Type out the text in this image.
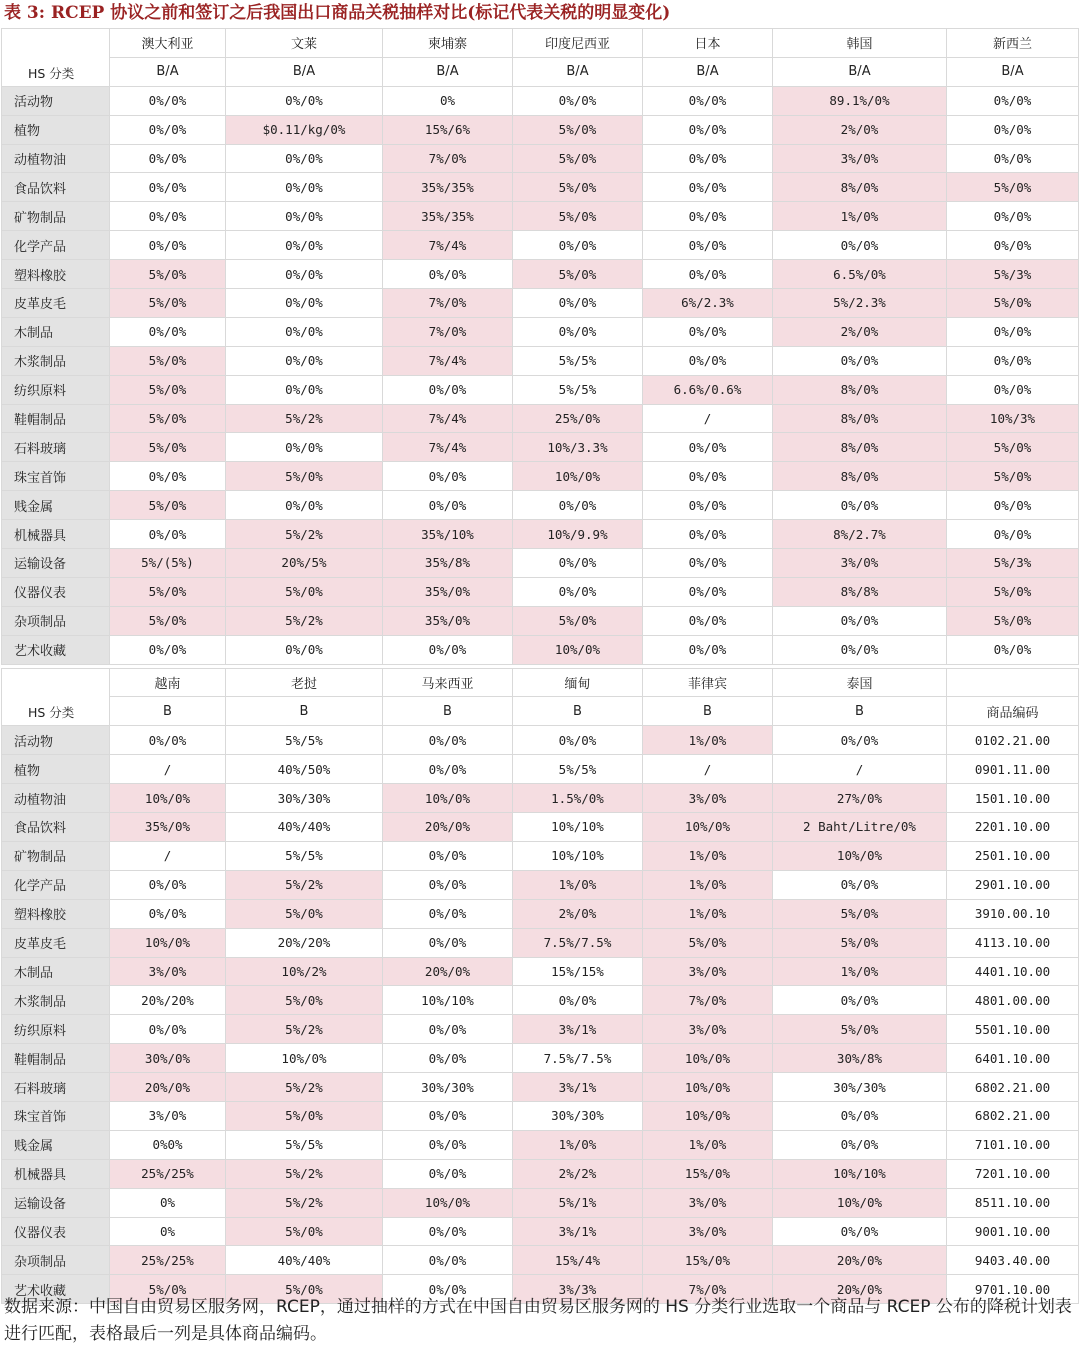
表 3: RCEP 协议之前和签订之后我国出口商品关税抽样对比(标记代表关税的明显变化)
HS 分类	澳大利亚	文莱	柬埔寨	印度尼西亚	日本	韩国	新西兰
	B/A	B/A	B/A	B/A	B/A	B/A	B/A
活动物	0%/0%	0%/0%	0%	0%/0%	0%/0%	89.1%/0%	0%/0%
植物	0%/0%	$0.11/kg/0%	15%/6%	5%/0%	0%/0%	2%/0%	0%/0%
动植物油	0%/0%	0%/0%	7%/0%	5%/0%	0%/0%	3%/0%	0%/0%
食品饮料	0%/0%	0%/0%	35%/35%	5%/0%	0%/0%	8%/0%	5%/0%
矿物制品	0%/0%	0%/0%	35%/35%	5%/0%	0%/0%	1%/0%	0%/0%
化学产品	0%/0%	0%/0%	7%/4%	0%/0%	0%/0%	0%/0%	0%/0%
塑料橡胶	5%/0%	0%/0%	0%/0%	5%/0%	0%/0%	6.5%/0%	5%/3%
皮革皮毛	5%/0%	0%/0%	7%/0%	0%/0%	6%/2.3%	5%/2.3%	5%/0%
木制品	0%/0%	0%/0%	7%/0%	0%/0%	0%/0%	2%/0%	0%/0%
木浆制品	5%/0%	0%/0%	7%/4%	5%/5%	0%/0%	0%/0%	0%/0%
纺织原料	5%/0%	0%/0%	0%/0%	5%/5%	6.6%/0.6%	8%/0%	0%/0%
鞋帽制品	5%/0%	5%/2%	7%/4%	25%/0%	/	8%/0%	10%/3%
石料玻璃	5%/0%	0%/0%	7%/4%	10%/3.3%	0%/0%	8%/0%	5%/0%
珠宝首饰	0%/0%	5%/0%	0%/0%	10%/0%	0%/0%	8%/0%	5%/0%
贱金属	5%/0%	0%/0%	0%/0%	0%/0%	0%/0%	0%/0%	0%/0%
机械器具	0%/0%	5%/2%	35%/10%	10%/9.9%	0%/0%	8%/2.7%	0%/0%
运输设备	5%/(5%)	20%/5%	35%/8%	0%/0%	0%/0%	3%/0%	5%/3%
仪器仪表	5%/0%	5%/0%	35%/0%	0%/0%	0%/0%	8%/8%	5%/0%
杂项制品	5%/0%	5%/2%	35%/0%	5%/0%	0%/0%	0%/0%	5%/0%
艺术收藏	0%/0%	0%/0%	0%/0%	10%/0%	0%/0%	0%/0%	0%/0%
HS 分类	越南	老挝	马来西亚	缅甸	菲律宾	泰国	
	B	B	B	B	B	B	商品编码
活动物	0%/0%	5%/5%	0%/0%	0%/0%	1%/0%	0%/0%	0102.21.00
植物	/	40%/50%	0%/0%	5%/5%	/	/	0901.11.00
动植物油	10%/0%	30%/30%	10%/0%	1.5%/0%	3%/0%	27%/0%	1501.10.00
食品饮料	35%/0%	40%/40%	20%/0%	10%/10%	10%/0%	2 Baht/Litre/0%	2201.10.00
矿物制品	/	5%/5%	0%/0%	10%/10%	1%/0%	10%/0%	2501.10.00
化学产品	0%/0%	5%/2%	0%/0%	1%/0%	1%/0%	0%/0%	2901.10.00
塑料橡胶	0%/0%	5%/0%	0%/0%	2%/0%	1%/0%	5%/0%	3910.00.10
皮革皮毛	10%/0%	20%/20%	0%/0%	7.5%/7.5%	5%/0%	5%/0%	4113.10.00
木制品	3%/0%	10%/2%	20%/0%	15%/15%	3%/0%	1%/0%	4401.10.00
木浆制品	20%/20%	5%/0%	10%/10%	0%/0%	7%/0%	0%/0%	4801.00.00
纺织原料	0%/0%	5%/2%	0%/0%	3%/1%	3%/0%	5%/0%	5501.10.00
鞋帽制品	30%/0%	10%/0%	0%/0%	7.5%/7.5%	10%/0%	30%/8%	6401.10.00
石料玻璃	20%/0%	5%/2%	30%/30%	3%/1%	10%/0%	30%/30%	6802.21.00
珠宝首饰	3%/0%	5%/0%	0%/0%	30%/30%	10%/0%	0%/0%	6802.21.00
贱金属	0%0%	5%/5%	0%/0%	1%/0%	1%/0%	0%/0%	7101.10.00
机械器具	25%/25%	5%/2%	0%/0%	2%/2%	15%/0%	10%/10%	7201.10.00
运输设备	0%	5%/2%	10%/0%	5%/1%	3%/0%	10%/0%	8511.10.00
仪器仪表	0%	5%/0%	0%/0%	3%/1%	3%/0%	0%/0%	9001.10.00
杂项制品	25%/25%	40%/40%	0%/0%	15%/4%	15%/0%	20%/0%	9403.40.00
艺术收藏	5%/0%	5%/0%	0%/0%	3%/3%	7%/0%	20%/0%	9701.10.00
数据来源：中国自由贸易区服务网，RCEP，通过抽样的方式在中国自由贸易区服务网的 HS 分类行业选取一个商品与 RCEP 公布的降税计划表进行匹配，表格最后一列是具体商品编码。
